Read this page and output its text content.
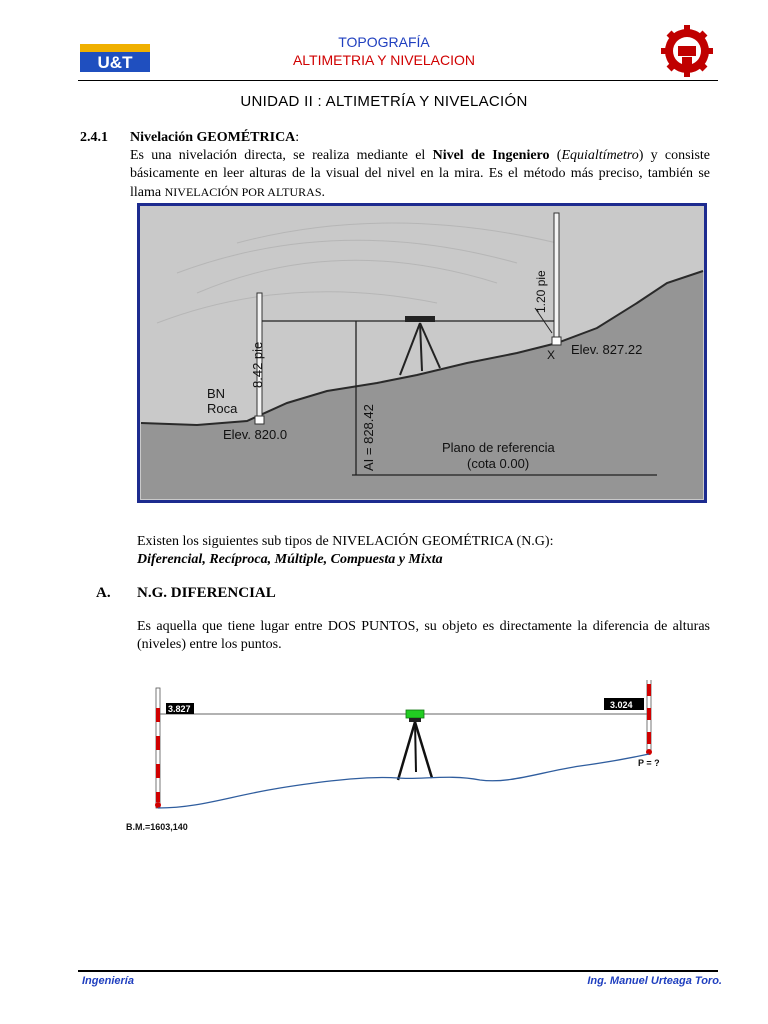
U&T
TOPOGRAFÍA
ALTIMETRIA Y NIVELACION
UNIDAD II : ALTIMETRÍA Y NIVELACIÓN
2.4.1 Nivelación GEOMÉTRICA:
Es una nivelación directa, se realiza mediante el Nivel de Ingeniero (Equialtímetro) y consiste básicamente en leer alturas de la visual del nivel en la mira. Es el método más preciso, también se llama NIVELACIÓN POR ALTURAS.
8.42 pie
1.20 pie
BN
Roca
Elev. 820.0
Elev. 827.22
X
AI = 828.42	Plano de referencia
(cota 0.00)
Existen los siguientes sub tipos de NIVELACIÓN GEOMÉTRICA (N.G):
Diferencial, Recíproca, Múltiple, Compuesta y Mixta
A. N.G. DIFERENCIAL
Es aquella que tiene lugar entre DOS PUNTOS, su objeto es directamente la diferencia de alturas (niveles) entre los puntos.
3.827	3.024
B.M.=1603,140
P = ?
Ingeniería	Ing. Manuel Urteaga Toro.
